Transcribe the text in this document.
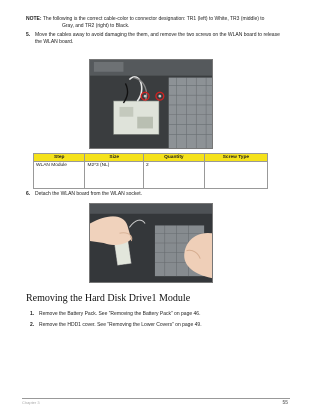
NOTE: The following is the correct cable-color to connector designation: TR1 (left) to White, TR3 (middle) to
Gray, and TR2 (right) to Black.
5. Move the cables away to avoid damaging the them, and remove the two screws on the WLAN board to release the WLAN board.
Step	Size	Quantity	Screw Type
WLAN Module	M2*3 (NL)	2	
6. Detach the WLAN board from the WLAN socket.
Removing the Hard Disk Drive1 Module
1. Remove the Battery Pack. See “Removing the Battery Pack” on page 46.
2. Remove the HDD1 cover. See “Removing the Lower Covers” on page 49.
Chapter 3	55
